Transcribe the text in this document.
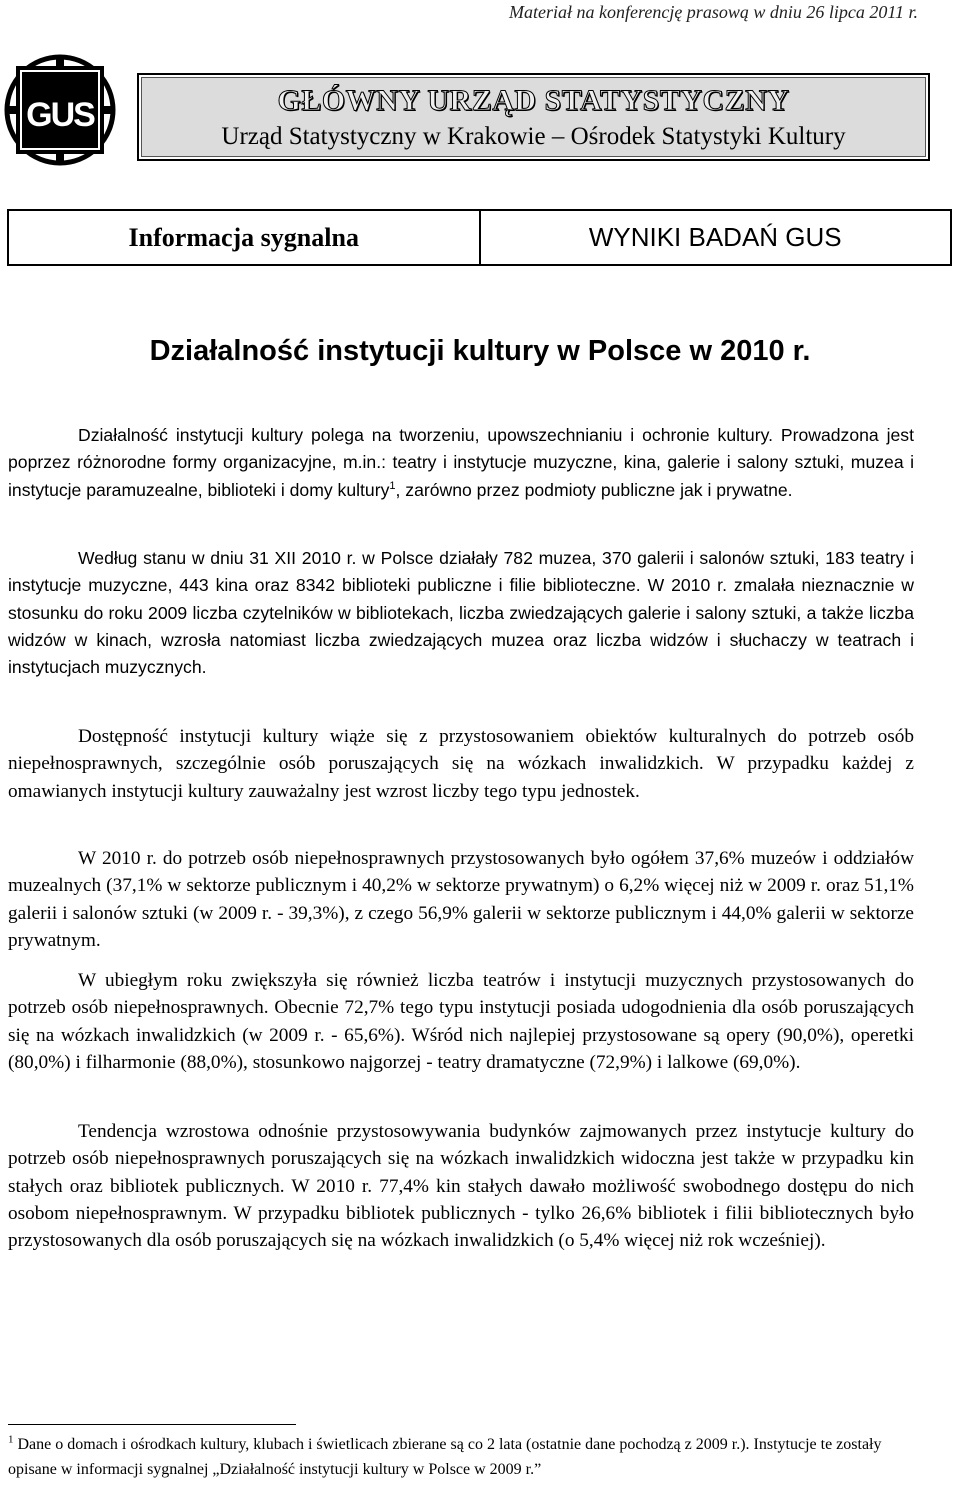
Materiał na konferencję prasową w dniu 26 lipca 2011 r.
GUS	GŁÓWNY URZĄD STATYSTYCZNY
Urząd Statystyczny w Krakowie – Ośrodek Statystyki Kultury
Informacja sygnalna	WYNIKI BADAŃ GUS
Działalność instytucji kultury w Polsce w 2010 r.
Działalność instytucji kultury polega na tworzeniu, upowszechnianiu i ochronie kultury. Prowadzona jest poprzez różnorodne formy organizacyjne, m.in.: teatry i instytucje muzyczne, kina, galerie i salony sztuki, muzea i instytucje paramuzealne, biblioteki i domy kultury$^1$, zarówno przez podmioty publiczne jak i prywatne.
Według stanu w dniu 31 XII 2010 r. w Polsce działały 782 muzea, 370 galerii i salonów sztuki, 183 teatry i instytucje muzyczne, 443 kina oraz 8342 biblioteki publiczne i filie biblioteczne. W 2010 r. zmalała nieznacznie w stosunku do roku 2009 liczba czytelników w bibliotekach, liczba zwiedzających galerie i salony sztuki, a także liczba widzów w kinach, wzrosła natomiast liczba zwiedzających muzea oraz liczba widzów i słuchaczy w teatrach i instytucjach muzycznych.
Dostępność instytucji kultury wiąże się z przystosowaniem obiektów kulturalnych do potrzeb osób niepełnosprawnych, szczególnie osób poruszających się na wózkach inwalidzkich. W przypadku każdej z omawianych instytucji kultury zauważalny jest wzrost liczby tego typu jednostek.
W 2010 r. do potrzeb osób niepełnosprawnych przystosowanych było ogółem 37,6% muzeów i oddziałów muzealnych (37,1% w sektorze publicznym i 40,2% w sektorze prywatnym) o 6,2% więcej niż w 2009 r. oraz 51,1% galerii i salonów sztuki (w 2009 r. - 39,3%), z czego 56,9% galerii w sektorze publicznym i 44,0% galerii w sektorze prywatnym.
W ubiegłym roku zwiększyła się również liczba teatrów i instytucji muzycznych przystosowanych do potrzeb osób niepełnosprawnych. Obecnie 72,7% tego typu instytucji posiada udogodnienia dla osób poruszających się na wózkach inwalidzkich (w 2009 r. - 65,6%). Wśród nich najlepiej przystosowane są opery (90,0%), operetki (80,0%) i filharmonie (88,0%), stosunkowo najgorzej - teatry dramatyczne (72,9%) i lalkowe (69,0%).
Tendencja wzrostowa odnośnie przystosowywania budynków zajmowanych przez instytucje kultury do potrzeb osób niepełnosprawnych poruszających się na wózkach inwalidzkich widoczna jest także w przypadku kin stałych oraz bibliotek publicznych. W 2010 r. 77,4% kin stałych dawało możliwość swobodnego dostępu do nich osobom niepełnosprawnym. W przypadku bibliotek publicznych - tylko 26,6% bibliotek i filii bibliotecznych było przystosowanych dla osób poruszających się na wózkach inwalidzkich (o 5,4% więcej niż rok wcześniej).
$^1$ Dane o domach i ośrodkach kultury, klubach i świetlicach zbierane są co 2 lata (ostatnie dane pochodzą z 2009 r.). Instytucje te zostały opisane w informacji sygnalnej „Działalność instytucji kultury w Polsce w 2009 r.”
